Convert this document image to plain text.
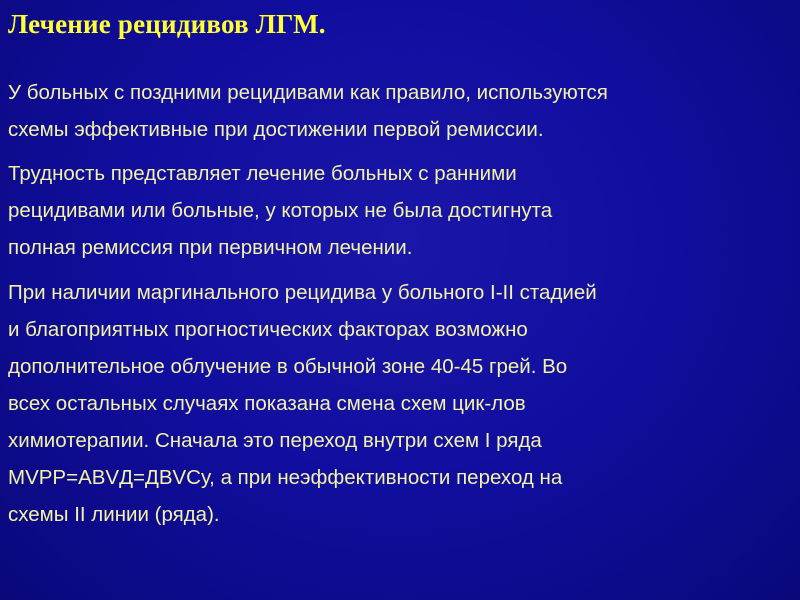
Лечение рецидивов ЛГМ.

У больных с поздними рецидивами как правило, используются
схемы эффективные при достижении первой ремиссии.

Трудность представляет лечение больных с ранними
рецидивами или больные, у которых не была достигнута
полная ремиссия при первичном лечении.

При наличии маргинального рецидива у больного I-II стадией
и благоприятных прогностических факторах возможно
дополнительное облучение в обычной зоне 40-45 грей. Во
всех остальных случаях показана смена схем цик-лов
химиотерапии. Сначала это переход внутри схем I ряда
MVPP=ABVД=ДBVCу, а при неэффективности переход на
схемы II линии (ряда).
